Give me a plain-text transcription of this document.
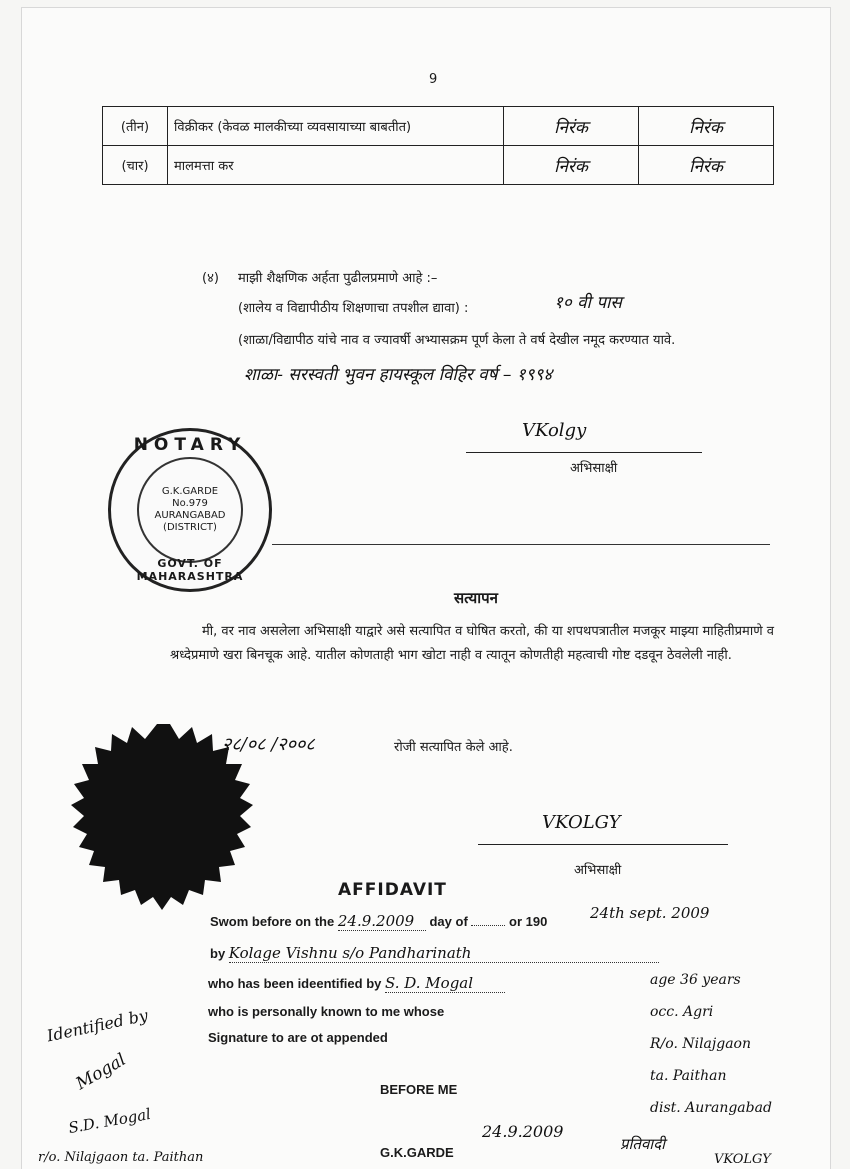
9
(तीन)	विक्रीकर (केवळ मालकीच्या व्यवसायाच्या बाबतीत)	निरंक	निरंक
(चार)	मालमत्ता कर	निरंक	निरंक
(४) माझी शैक्षणिक अर्हता पुढीलप्रमाणे आहे :–
(शालेय व विद्यापीठीय शिक्षणाचा तपशील द्यावा) :	१० वी पास
(शाळा/विद्यापीठ यांचे नाव व ज्यावर्षी अभ्यासक्रम पूर्ण केला ते वर्ष देखील नमूद करण्यात यावे.
शाळा- सरस्वती भुवन हायस्कूल विहिर वर्ष – १९९४
VKolgy
अभिसाक्षी
NOTARY
G.K.GARDE
No.979
AURANGABAD
(DISTRICT)
GOVT. OF MAHARASHTRA
सत्यापन
मी, वर नाव असलेला अभिसाक्षी याद्वारे असे सत्यापित व घोषित करतो, की या शपथपत्रातील मजकूर माझ्या माहितीप्रमाणे व श्रध्देप्रमाणे खरा बिनचूक आहे. यातील कोणताही भाग खोटा नाही व त्यातून कोणतीही महत्वाची गोष्ट दडवून ठेवलेली नाही.
२८/०८ /२००८	रोजी सत्यापित केले आहे.
VKOLGY
अभिसाक्षी
AFFIDAVIT
Swom before on the 24.9.2009 day of	or 190	24th sept. 2009
by Kolage Vishnu s/o Pandharinath
who has been ideentified by S. D. Mogal
who is personally known to me whose
Signature to are ot appended
BEFORE ME
24.9.2009
G.K.GARDE
age 36 years
occ. Agri
R/o. Nilajgaon
ta. Paithan
dist. Aurangabad
प्रतिवादी
VKOLGY
Identified by
Mogal
S.D. Mogal
r/o. Nilajgaon ta. Paithan
